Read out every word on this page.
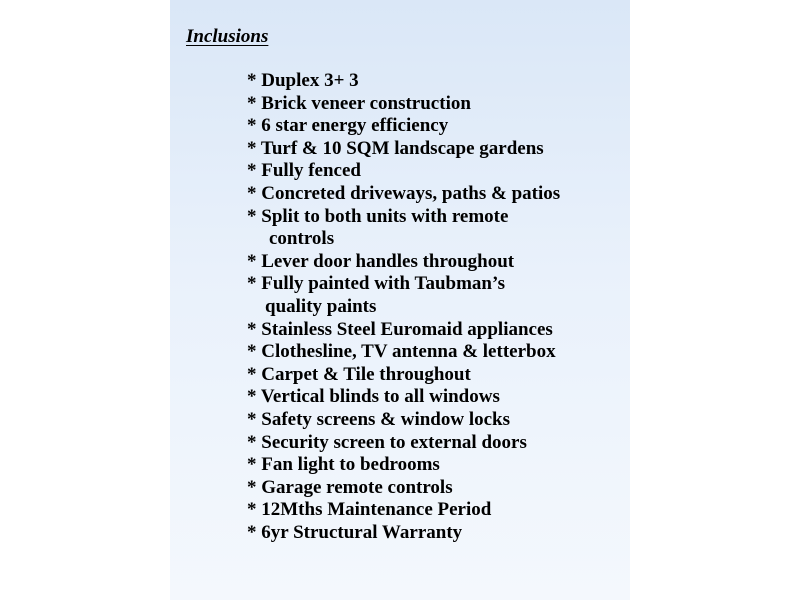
Inclusions
* Duplex 3+ 3
* Brick veneer construction
* 6 star energy efficiency
* Turf & 10 SQM landscape gardens
* Fully fenced
* Concreted driveways, paths & patios
* Split to both units with remote
controls
* Lever door handles throughout
* Fully painted with Taubman’s
quality paints
* Stainless Steel Euromaid appliances
* Clothesline, TV antenna & letterbox
* Carpet & Tile throughout
* Vertical blinds to all windows
* Safety screens & window locks
* Security screen to external doors
* Fan light to bedrooms
* Garage remote controls
* 12Mths Maintenance Period
* 6yr Structural Warranty
